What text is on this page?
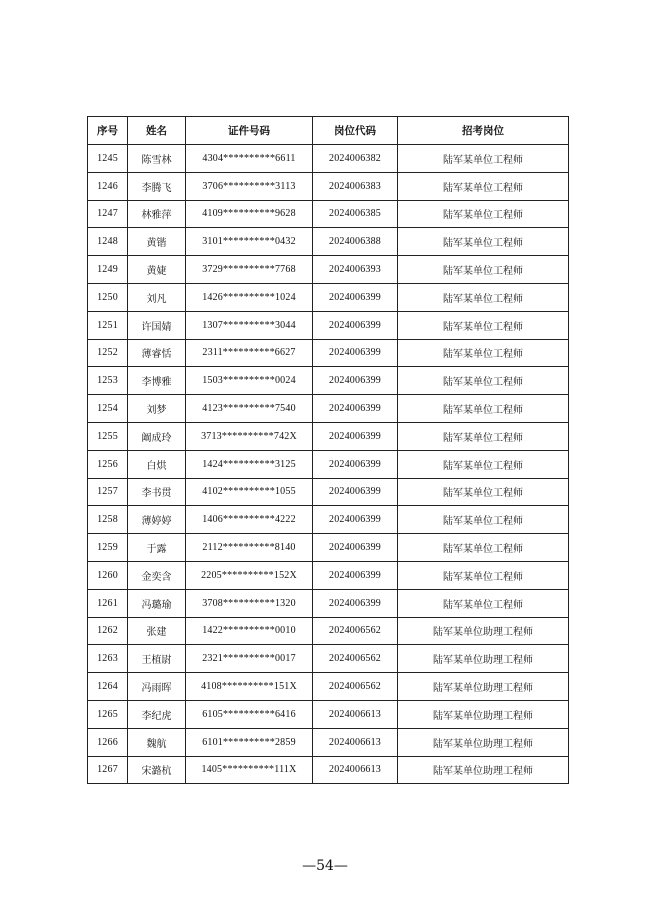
序号	姓名	证件号码	岗位代码	招考岗位
1245	陈雪林	4304**********6611	2024006382	陆军某单位工程师
1246	李腾飞	3706**********3113	2024006383	陆军某单位工程师
1247	林雅萍	4109**********9628	2024006385	陆军某单位工程师
1248	黄锴	3101**********0432	2024006388	陆军某单位工程师
1249	黄婕	3729**********7768	2024006393	陆军某单位工程师
1250	刘凡	1426**********1024	2024006399	陆军某单位工程师
1251	许国婧	1307**********3044	2024006399	陆军某单位工程师
1252	薄睿恬	2311**********6627	2024006399	陆军某单位工程师
1253	李博雅	1503**********0024	2024006399	陆军某单位工程师
1254	刘梦	4123**********7540	2024006399	陆军某单位工程师
1255	阚成玲	3713**********742X	2024006399	陆军某单位工程师
1256	白烘	1424**********3125	2024006399	陆军某单位工程师
1257	李书贯	4102**********1055	2024006399	陆军某单位工程师
1258	薄婷婷	1406**********4222	2024006399	陆军某单位工程师
1259	于露	2112**********8140	2024006399	陆军某单位工程师
1260	金奕含	2205**********152X	2024006399	陆军某单位工程师
1261	冯璐瑜	3708**********1320	2024006399	陆军某单位工程师
1262	张建	1422**********0010	2024006562	陆军某单位助理工程师
1263	王植尉	2321**********0017	2024006562	陆军某单位助理工程师
1264	冯雨晖	4108**********151X	2024006562	陆军某单位助理工程师
1265	李纪虎	6105**********6416	2024006613	陆军某单位助理工程师
1266	魏航	6101**********2859	2024006613	陆军某单位助理工程师
1267	宋潞杭	1405**********111X	2024006613	陆军某单位助理工程师
—54—
